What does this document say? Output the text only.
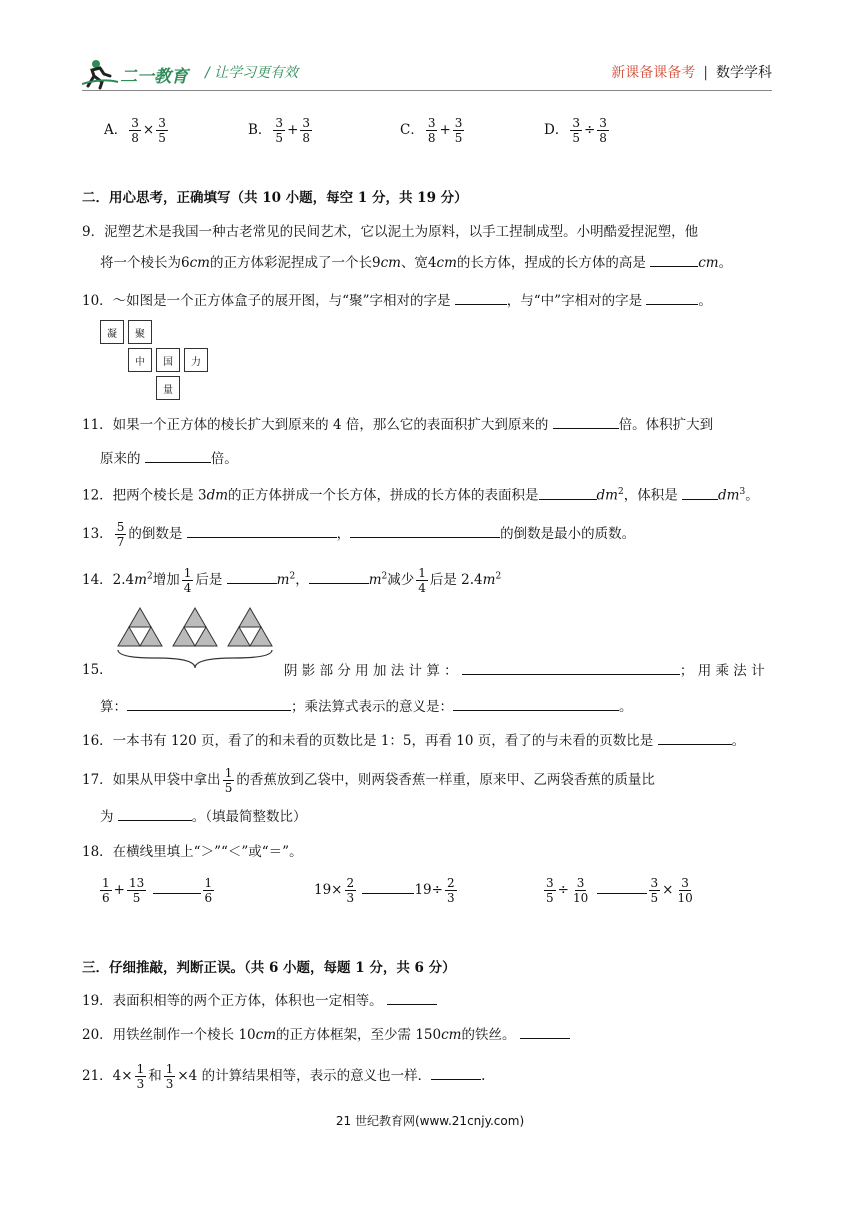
二一教育 / 让学习更有效	新课备课备考 | 数学学科
A． $\frac{3}{8} \times \frac{3}{5}$	B． $\frac{3}{5} + \frac{3}{8}$	C． $\frac{3}{8} + \frac{3}{5}$	D． $\frac{3}{5} \div \frac{3}{8}$
二．用心思考，正确填写（共 10 小题，每空 1 分，共 19 分）
9．泥塑艺术是我国一种古老常见的民间艺术，它以泥土为原料，以手工捏制成型。小明酷爱捏泥塑，他
将一个棱长为6cm的正方体彩泥捏成了一个长9cm、宽4cm的长方体，捏成的长方体的高是	cm。
10．～如图是一个正方体盒子的展开图，与“聚”字相对的字是	，与“中”字相对的字是	。
凝	聚
中	国	力
量
11．如果一个正方体的棱长扩大到原来的 4 倍，那么它的表面积扩大到原来的	倍。体积扩大到
原来的	倍。
12．把两个棱长是 3dm的正方体拼成一个长方体，拼成的长方体的表面积是	$dm^2$，体积是	$dm^3$。
13． $\frac{5}{7}$ 的倒数是	，	的倒数是最小的质数。
14．$2.4m^2$增加 $\frac{1}{4}$ 后是	$m^2$，	$m^2$减少 $\frac{1}{4}$ 后是 $2.4m^2$
15．	阴 影 部 分 用 加 法 计 算 ：	； 用 乘 法 计
算：	；乘法算式表示的意义是：	。
16．一本书有 120 页，看了的和未看的页数比是 1：5，再看 10 页，看了的与未看的页数比是	。
17．如果从甲袋中拿出 $\frac{1}{5}$ 的香蕉放到乙袋中，则两袋香蕉一样重，原来甲、乙两袋香蕉的质量比
为	。（填最简整数比）
18．在横线里填上“＞”“＜”或“＝”。
$\frac{1}{6} + \frac{13}{5}$
	$\frac{1}{6}$	$19\times \frac{2}{3}$	$19\div \frac{2}{3}$	$\frac{3}{5} \div \frac{3}{10}$
	$\frac{3}{5} \times \frac{3}{10}$
三．仔细推敲，判断正误。（共 6 小题，每题 1 分，共 6 分）
19．表面积相等的两个正方体，体积也一定相等。
20．用铁丝制作一个棱长 10cm的正方体框架，至少需 150cm的铁丝。
21．$4\times \frac{1}{3}$ 和 $\frac{1}{3} \times 4$ 的计算结果相等，表示的意义也一样．	.
21 世纪教育网(www.21cnjy.com)
